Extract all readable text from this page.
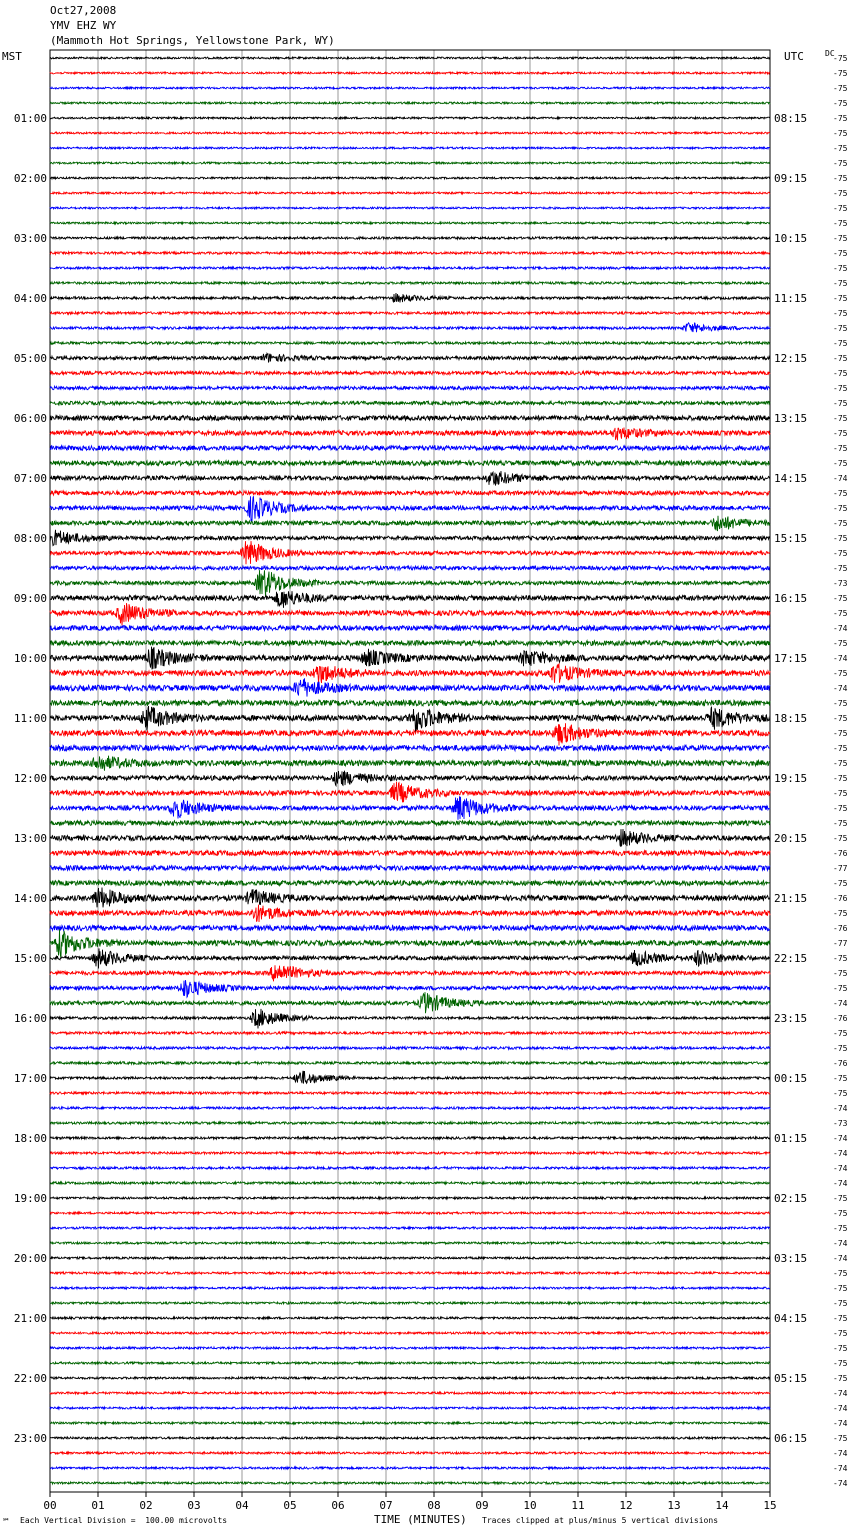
Oct27,2008
YMV EHZ WY
(Mammoth Hot Springs, Yellowstone Park, WY)
MST	UTC	DC
-75
-75
-75
-75
-75
-75
-75
-75
-75
-75
-75
-75
-75
-75
-75
-75
-75
-75
-75
-75
-75
-75
-75
-75
-75
-75
-75
-75
-74
-75
-75
-75
-75
-75
-75
-73
-75
-75
-74
-75
-74
-75
-74
-75
-75
-75
-75
-75
-75
-75
-75
-75
-75
-76
-77
-75
-76
-75
-76
-77
-75
-75
-75
-74
-76
-75
-75
-76
-75
-75
-74
-73
-74
-74
-74
-74
-75
-75
-75
-74
-74
-75
-75
-75
-75
-75
-75
-75
-75
-74
-74
-74
-75
-74
-74
-74
01:00
02:00
03:00
04:00
05:00
06:00
07:00
08:00
09:00
10:00
11:00
12:00
13:00
14:00
15:00
16:00
17:00
18:00
19:00
20:00
21:00
22:00
23:00
08:15
09:15
10:15
11:15
12:15
13:15
14:15
15:15
16:15
17:15
18:15
19:15
20:15
21:15
22:15
23:15
00:15
01:15
02:15
03:15
04:15
05:15
06:15
00	01	02	03	04	05	06	07	08	09	10	11	12	13	14	15
℠ Each Vertical Division =  100.00 microvolts	TIME (MINUTES) Traces clipped at plus/minus 5 vertical divisions
